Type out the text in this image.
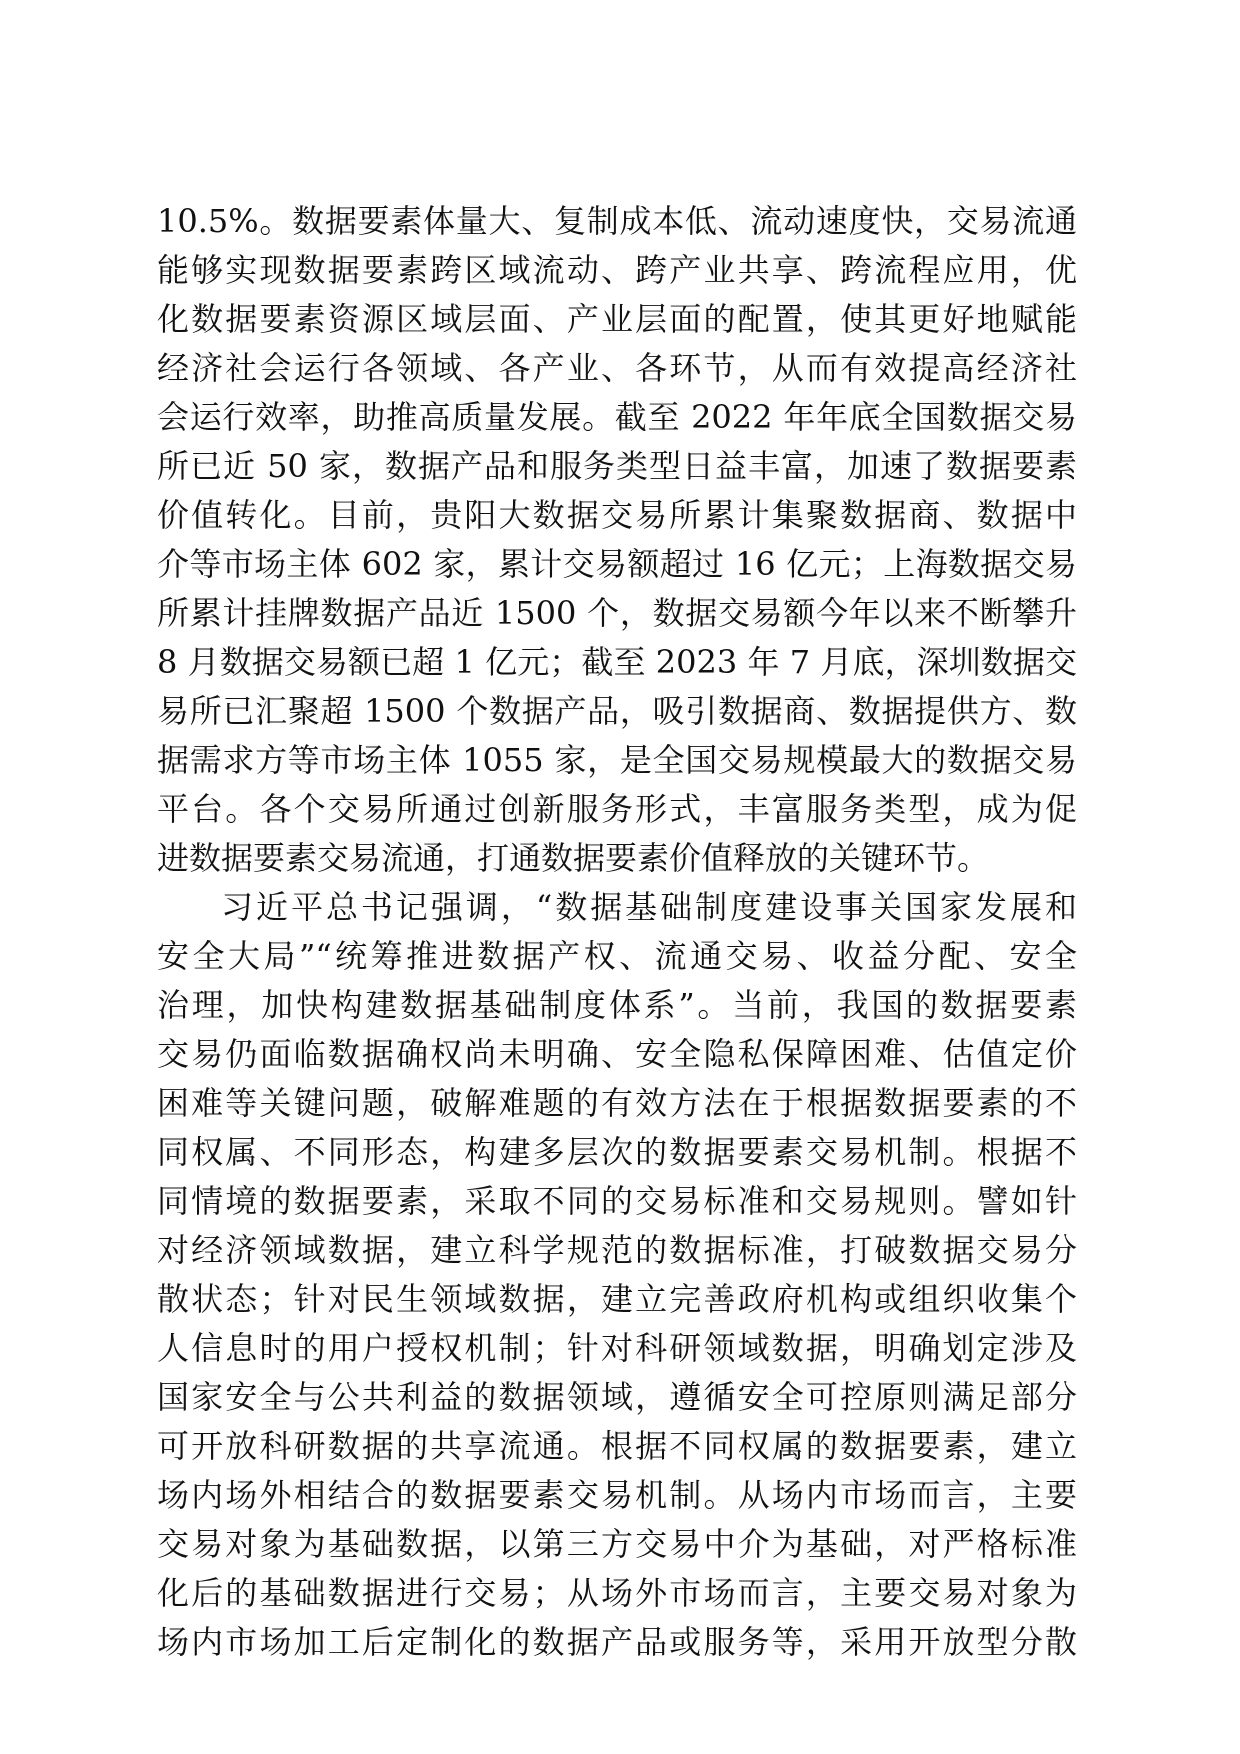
10.5%。数据要素体量大、复制成本低、流动速度快，交易流通
能够实现数据要素跨区域流动、跨产业共享、跨流程应用，优
化数据要素资源区域层面、产业层面的配置，使其更好地赋能
经济社会运行各领域、各产业、各环节，从而有效提高经济社
会运行效率，助推高质量发展。截至 2022 年年底全国数据交易
所已近 50 家，数据产品和服务类型日益丰富，加速了数据要素
价值转化。目前，贵阳大数据交易所累计集聚数据商、数据中
介等市场主体 602 家，累计交易额超过 16 亿元；上海数据交易
所累计挂牌数据产品近 1500 个，数据交易额今年以来不断攀升
8 月数据交易额已超 1 亿元；截至 2023 年 7 月底，深圳数据交
易所已汇聚超 1500 个数据产品，吸引数据商、数据提供方、数
据需求方等市场主体 1055 家，是全国交易规模最大的数据交易
平台。各个交易所通过创新服务形式，丰富服务类型，成为促
进数据要素交易流通，打通数据要素价值释放的关键环节。
习近平总书记强调，“数据基础制度建设事关国家发展和
安全大局”“统筹推进数据产权、流通交易、收益分配、安全
治理，加快构建数据基础制度体系”。当前，我国的数据要素
交易仍面临数据确权尚未明确、安全隐私保障困难、估值定价
困难等关键问题，破解难题的有效方法在于根据数据要素的不
同权属、不同形态，构建多层次的数据要素交易机制。根据不
同情境的数据要素，采取不同的交易标准和交易规则。譬如针
对经济领域数据，建立科学规范的数据标准，打破数据交易分
散状态；针对民生领域数据，建立完善政府机构或组织收集个
人信息时的用户授权机制；针对科研领域数据，明确划定涉及
国家安全与公共利益的数据领域，遵循安全可控原则满足部分
可开放科研数据的共享流通。根据不同权属的数据要素，建立
场内场外相结合的数据要素交易机制。从场内市场而言，主要
交易对象为基础数据，以第三方交易中介为基础，对严格标准
化后的基础数据进行交易；从场外市场而言，主要交易对象为
场内市场加工后定制化的数据产品或服务等，采用开放型分散
